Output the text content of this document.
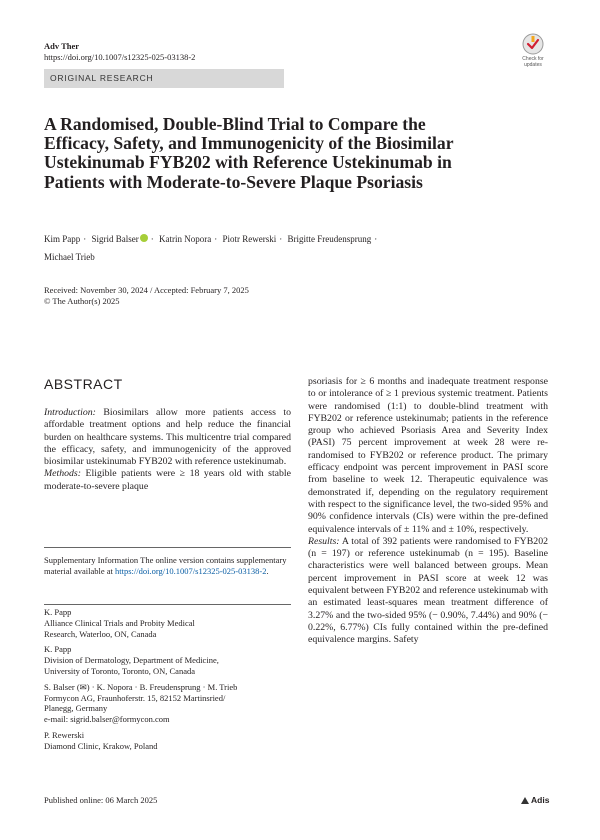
Adv Ther
https://doi.org/10.1007/s12325-025-03138-2	Check for
updates
ORIGINAL RESEARCH
A Randomised, Double-Blind Trial to Compare the Efficacy, Safety, and Immunogenicity of the Biosimilar Ustekinumab FYB202 with Reference Ustekinumab in Patients with Moderate-to-Severe Plaque Psoriasis
Kim Papp · Sigrid Balser · Katrin Nopora · Piotr Rewerski · Brigitte Freudensprung ·
Michael Trieb
Received: November 30, 2024 / Accepted: February 7, 2025
© The Author(s) 2025
ABSTRACT

Introduction: Biosimilars allow more patients access to affordable treatment options and help reduce the financial burden on healthcare systems. This multicentre trial compared the efficacy, safety, and immunogenicity of the approved biosimilar ustekinumab FYB202 with reference ustekinumab.

Methods: Eligible patients were ≥ 18 years old with stable moderate-to-severe plaque

psoriasis for ≥ 6 months and inadequate treatment response to or intolerance of ≥ 1 previous systemic treatment. Patients were randomised (1:1) to double-blind treatment with FYB202 or reference ustekinumab; patients in the reference group who achieved Psoriasis Area and Severity Index (PASI) 75 percent improvement at week 28 were re-randomised to FYB202 or reference product. The primary efficacy endpoint was percent improvement in PASI score from baseline to week 12. Therapeutic equivalence was demonstrated if, depending on the regulatory requirement with respect to the significance level, the two-sided 95% and 90% confidence intervals (CIs) were within the pre-defined equivalence intervals of ± 11% and ± 10%, respectively.

Results: A total of 392 patients were randomised to FYB202 (n = 197) or reference ustekinumab (n = 195). Baseline characteristics were well balanced between groups. Mean percent improvement in PASI score at week 12 was equivalent between FYB202 and reference ustekinumab with an estimated least-squares mean treatment difference of 3.27% and the two-sided 95% (− 0.90%, 7.44%) and 90% (− 0.22%, 6.77%) CIs fully contained within the pre-defined equivalence margins. Safety

Supplementary Information The online version contains supplementary material available at https://doi.org/10.1007/s12325-025-03138-2.
K. Papp
Alliance Clinical Trials and Probity Medical
Research, Waterloo, ON, Canada
K. Papp
Division of Dermatology, Department of Medicine,
University of Toronto, Toronto, ON, Canada
S. Balser (✉) · K. Nopora · B. Freudensprung · M. Trieb
Formycon AG, Fraunhoferstr. 15, 82152 Martinsried/
Planegg, Germany
e-mail: sigrid.balser@formycon.com
P. Rewerski
Diamond Clinic, Krakow, Poland
Published online: 06 March 2025	Adis
